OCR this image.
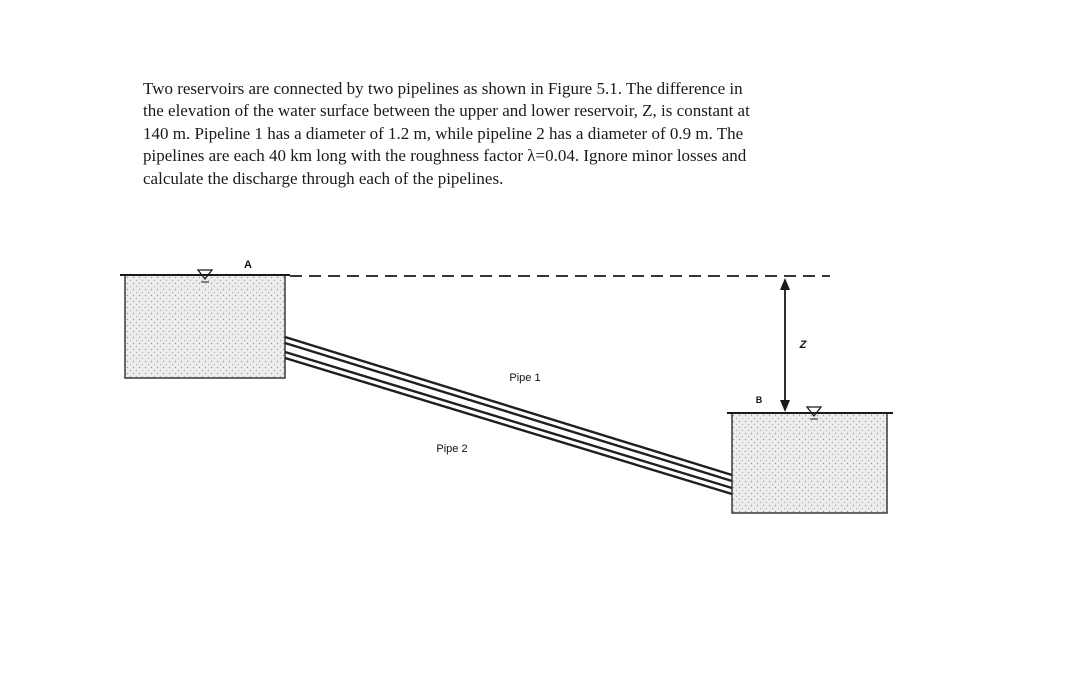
Two reservoirs are connected by two pipelines as shown in Figure 5.1. The difference in
the elevation of the water surface between the upper and lower reservoir, Z, is constant at
140 m. Pipeline 1 has a diameter of 1.2 m, while pipeline 2 has a diameter of 0.9 m. The
pipelines are each 40 km long with the roughness factor λ=0.04. Ignore minor losses and
calculate the discharge through each of the pipelines.
A
Pipe 1
Pipe 2
B
Z
